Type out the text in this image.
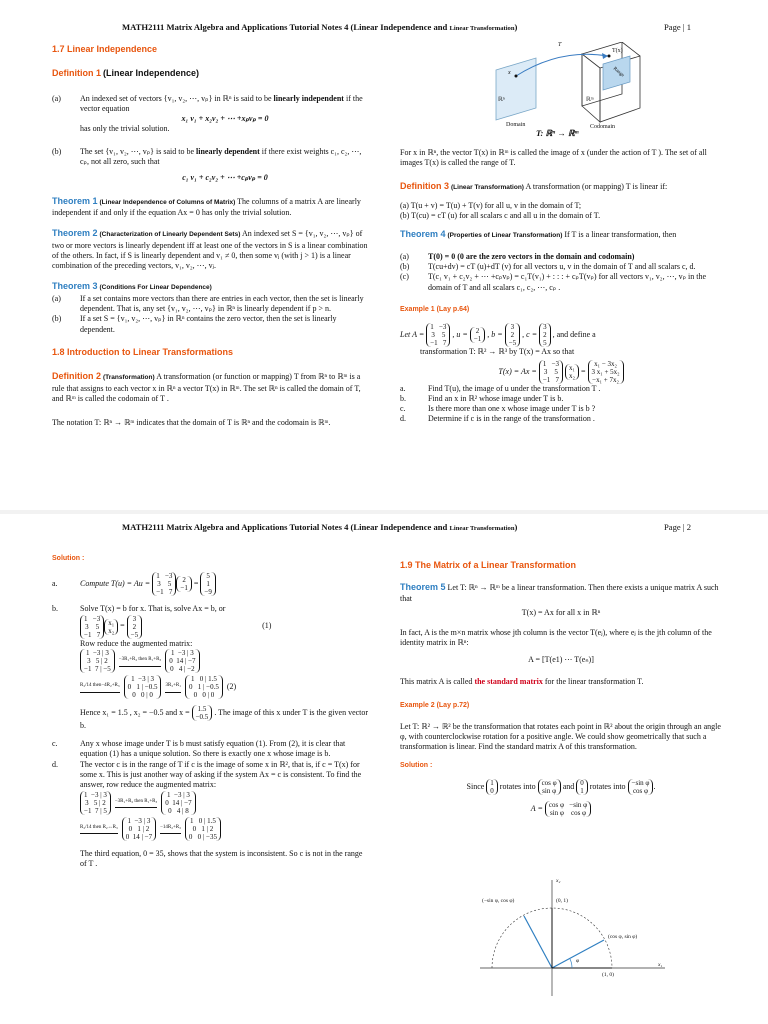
MATH2111 Matrix Algebra and Applications Tutorial Notes 4 (Linear Independence and Linear Transformation)	Page | 1

1.7 Linear Independence

Definition 1 (Linear Independence)

(a)	An indexed set of vectors {v₁, v₂, ⋯, vₚ} in ℝⁿ is said to be linearly independent if the vector equation

x₁ v₁ + x₂v₂ + ⋯ +xₚvₚ = 0

has only the trivial solution.
(b)	The set {v₁, v₂, ⋯, vₚ} is said to be linearly dependent if there exist weights c₁, c₂, ⋯, cₚ, not all zero, such that

c₁ v₁ + c₂v₂ + ⋯ +cₚvₚ = 0

Theorem 1 (Linear Independence of Columns of Matrix) The columns of a matrix A are linearly independent if and only if the equation Ax = 0 has only the trivial solution.

Theorem 2 (Characterization of Linearly Dependent Sets) An indexed set S = {v₁, v₂, ⋯, vₚ} of two or more vectors is linearly dependent iff at least one of the vectors in S is a linear combination of the others. In fact, if S is linearly dependent and v₁ ≠ 0, then some vⱼ (with j > 1) is a linear combination of the preceding vectors, v₁, v₂, ⋯, vⱼ.

Theorem 3 (Conditions For Linear Dependence)

(a)	If a set contains more vectors than there are entries in each vector, then the set is linearly dependent. That is, any set {v₁, v₂, ⋯, vₚ} in ℝⁿ is linearly dependent if p > n.
(b)	If a set S = {v₁, v₂, ⋯, vₚ} in ℝⁿ contains the zero vector, then the set is linearly dependent.

1.8 Introduction to Linear Transformations

Definition 2 (Transformation) A transformation (or function or mapping) T from ℝⁿ to ℝᵐ is a rule that assigns to each vector x in ℝⁿ a vector T(x) in ℝᵐ. The set ℝⁿ is called the domain of T, and ℝᵐ is called the codomain of T .

The notation T: ℝⁿ → ℝᵐ indicates that the domain of T is ℝⁿ and the codomain is ℝᵐ.

Domain	Codomain
Range
T
x
T(x)
ℝⁿ	ℝᵐ
T: ℝⁿ → ℝᵐ

For x in ℝⁿ, the vector T(x) in ℝᵐ is called the image of x (under the action of T ). The set of all images T(x) is called the range of T.

Definition 3 (Linear Transformation) A transformation (or mapping) T is linear if:

(a) T(u + v) = T(u) + T(v) for all u, v in the domain of T;

(b) T(cu) = cT (u) for all scalars c and all u in the domain of T.

Theorem 4 (Properties of Linear Transformation) If T is a linear transformation, then

(a)	T(0) = 0 (0 are the zero vectors in the domain and codomain)
(b)	T(cu+dv) = cT (u)+dT (v) for all vectors u, v in the domain of T and all scalars c, d.
(c)	T(c₁ v₁ + c₂v₂ + ⋯ +cₚvₚ) = c₁T(v₁) + : : : + cₚT(vₚ) for all vectors v₁, v₂, ⋯, vₚ in the domain of T and all scalars c₁, c₂, ⋯, cₚ .

Example 1 (Lay p.64)

Let A =
1   −3
3    5
−1   7
, u = 2
−1
, b =
3
2
−5
, c =
3
2
5
, and define a

transformation T: ℝ² → ℝ³ by T(x) = Ax so that

T(x) = Ax =
1   −3
3    5
−1   7

x₁
x₂
=
x₁ − 3x₂
3 x₁ + 5x₂
−x₁ + 7x₂
a.	Find T(u), the image of u under the transformation T .
b.	Find an x in ℝ² whose image under T is b.
c.	Is there more than one x whose image under T is b ?
d.	Determine if c is in the range of the transformation .
MATH2111 Matrix Algebra and Applications Tutorial Notes 4 (Linear Independence and Linear Transformation)	Page | 2

Solution :

a.	Compute T(u) = Au =

1   −3
3    5
−1   7
2
−1
=
5
1
−9
b.	Solve T(x) = b for x. That is, solve Ax = b, or
1   −3
3    5
−1   7
x₁
x₂
=
3
2
−5
(1)

Row reduce the augmented matrix:

1  −3 | 3
3   5 | 2
−1  7 | −5
−3R₁+R₂ then R₁+R₃
1  −3 | 3
0  14 | −7
0   4 | −2
R₂/14 then−4R₂+R₃
1  −3 | 3
0   1 | −0.5
0   0 | 0
3R₂+R₁
1   0 | 1.5
0   1 | −0.5
0   0 | 0
(2)
Hence x₁ = 1.5 , x₂ = −0.5 and x = 1.5
−0.5
. The image of this x under T is the given vector b.
c.	Any x whose image under T is b must satisfy equation (1). From (2), it is clear that equation (1) has a unique solution. So there is exactly one x whose image is b.
d.	The vector c is in the range of T if c is the image of some x in ℝ², that is, if c = T(x) for some x. This is just another way of asking if the system Ax = c is consistent. To find the answer, row reduce the augmented matrix:
1  −3 | 3
3   5 | 2
−1  7 | 5
−3R₁+R₂ then R₁+R₃
1  −3 | 3
0  14 | −7
0   4 | 8
R₂/14 then R₂↔R₃
1  −3 | 3
0   1 | 2
0  14 | −7
−14R₂+R₃
1   0 | 1.5
0   1 | 2
0   0 | −35

The third equation, 0 = 35, shows that the system is inconsistent. So c is not in the range of T .

1.9 The Matrix of a Linear Transformation

Theorem 5 Let T: ℝⁿ → ℝᵐ be a linear transformation. Then there exists a unique matrix A such that

T(x) = Ax for all x in ℝⁿ

In fact, A is the m×n matrix whose jth column is the vector T(eⱼ), where eⱼ is the jth column of the identity matrix in ℝⁿ:

A = [T(e1) ⋯ T(eₙ)]

This matrix A is called the standard matrix for the linear transformation T.

Example 2 (Lay p.72)

Let T: ℝ² → ℝ² be the transformation that rotates each point in ℝ² about the origin through an angle φ, with counterclockwise rotation for a positive angle. We could show geometrically that such a transformation is linear. Find the standard matrix A of this transformation.

Solution :

Since 1
0
rotates into cos φ
sin φ
and 0
1
rotates into −sin φ
cos φ
.
A = cos φ   −sin φ
sin φ    cos φ
(−sin φ, cos φ)	(0, 1)
(cos φ, sin φ)
(1, 0)
φ
x₁
x₂
